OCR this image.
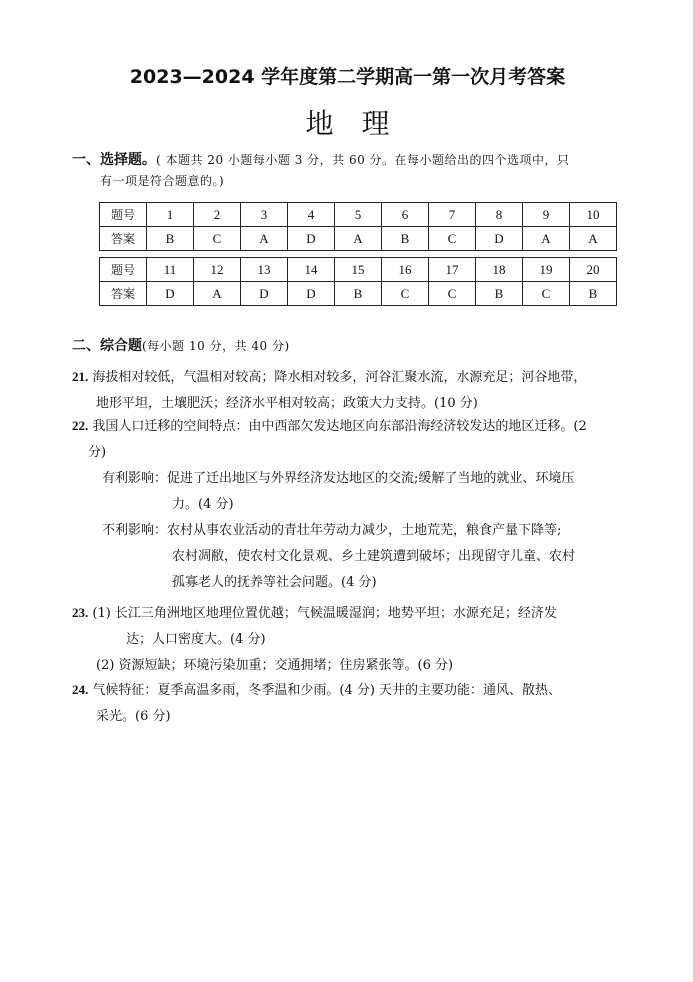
2023—2024 学年度第二学期高一第一次月考答案
地理
一、选择题。( 本题共 20 小题每小题 3 分，共 60 分。在每小题给出的四个选项中，只
有一项是符合题意的。)
题号	1	2	3	4	5	6	7	8	9	10
答案	B	C	A	D	A	B	C	D	A	A
题号	11	12	13	14	15	16	17	18	19	20
答案	D	A	D	D	B	C	C	B	C	B
二、综合题(每小题 10 分，共 40 分)
21. 海拔相对较低，气温相对较高；降水相对较多，河谷汇聚水流，水源充足；河谷地带，
地形平坦，土壤肥沃；经济水平相对较高；政策大力支持。(10 分)
22. 我国人口迁移的空间特点：由中西部欠发达地区向东部沿海经济较发达的地区迁移。(2
分)
有利影响：促进了迁出地区与外界经济发达地区的交流;缓解了当地的就业、环境压
力。(4 分)
不利影响：农村从事农业活动的青壮年劳动力减少，土地荒芜，粮食产量下降等;
农村凋敝，使农村文化景观、乡土建筑遭到破坏；出现留守儿童、农村
孤寡老人的抚养等社会问题。(4 分)
23. (1) 长江三角洲地区地理位置优越；气候温暖湿润；地势平坦；水源充足；经济发
达；人口密度大。(4 分)
(2) 资源短缺；环境污染加重；交通拥堵；住房紧张等。(6 分)
24. 气候特征：夏季高温多雨，冬季温和少雨。(4 分) 天井的主要功能：通风、散热、
采光。(6 分)
